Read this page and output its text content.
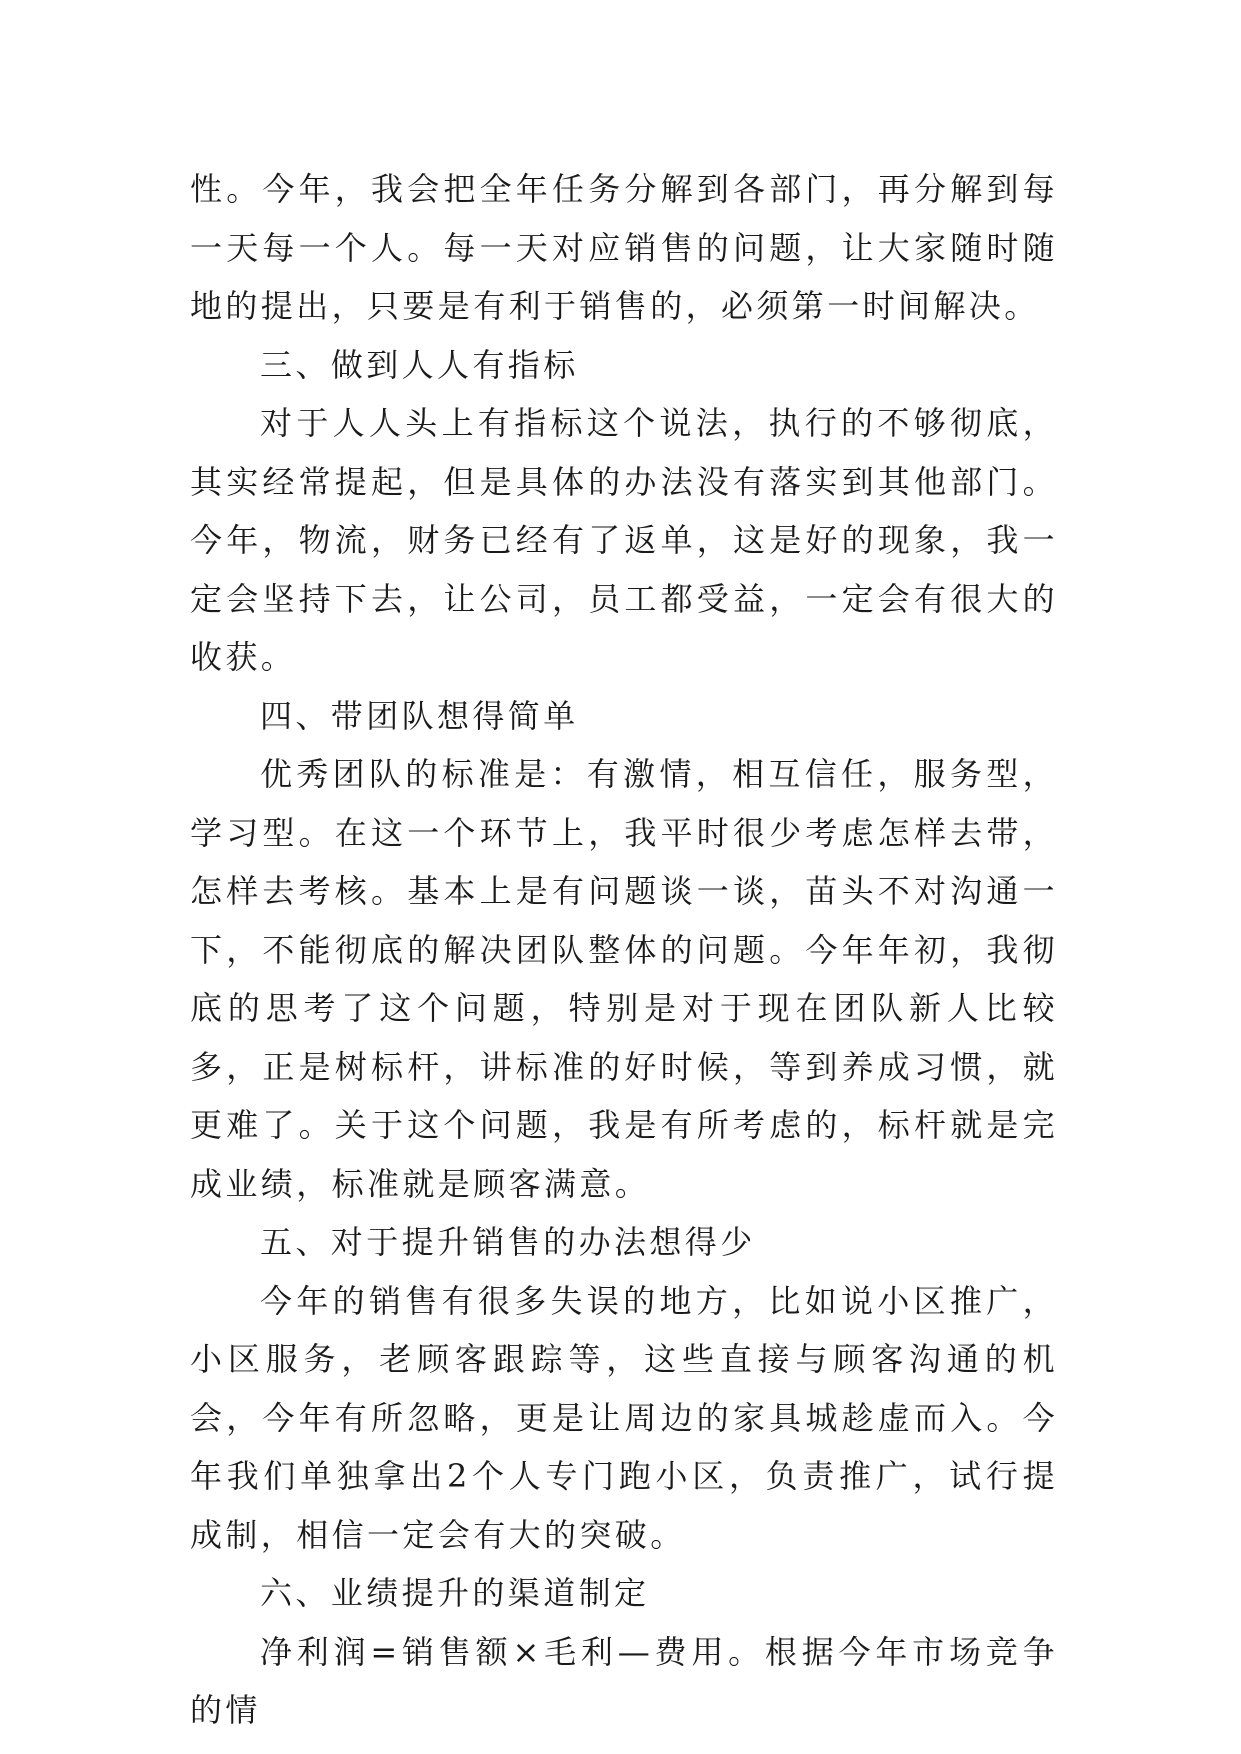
性。今年，我会把全年任务分解到各部门，再分解到每一天每一个人。每一天对应销售的问题，让大家随时随地的提出，只要是有利于销售的，必须第一时间解决。

三、做到人人有指标

对于人人头上有指标这个说法，执行的不够彻底，其实经常提起，但是具体的办法没有落实到其他部门。今年，物流，财务已经有了返单，这是好的现象，我一定会坚持下去，让公司，员工都受益，一定会有很大的收获。

四、带团队想得简单

优秀团队的标准是：有激情，相互信任，服务型，学习型。在这一个环节上，我平时很少考虑怎样去带，怎样去考核。基本上是有问题谈一谈，苗头不对沟通一下，不能彻底的解决团队整体的问题。今年年初，我彻底的思考了这个问题，特别是对于现在团队新人比较多，正是树标杆，讲标准的好时候，等到养成习惯，就更难了。关于这个问题，我是有所考虑的，标杆就是完成业绩，标准就是顾客满意。

五、对于提升销售的办法想得少

今年的销售有很多失误的地方，比如说小区推广，小区服务，老顾客跟踪等，这些直接与顾客沟通的机会，今年有所忽略，更是让周边的家具城趁虚而入。今年我们单独拿出2个人专门跑小区，负责推广，试行提成制，相信一定会有大的突破。

六、业绩提升的渠道制定

净利润=销售额×毛利—费用。根据今年市场竞争的情
